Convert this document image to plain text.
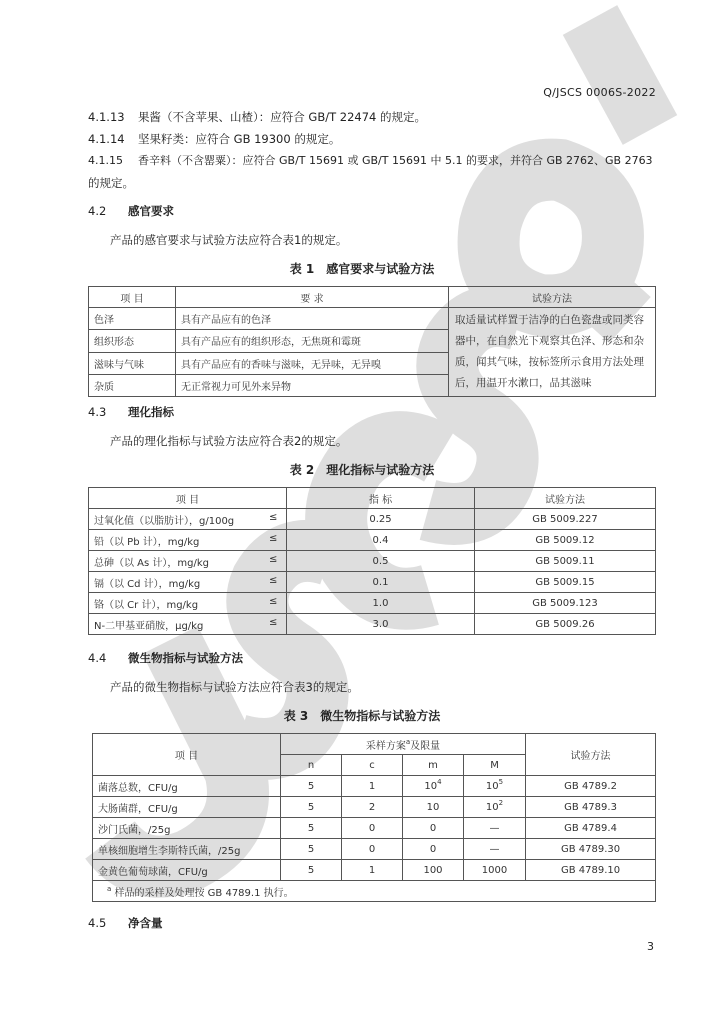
Q/JSCS 0006S-2022
4.1.13 果酱（不含苹果、山楂）：应符合 GB/T 22474 的规定。
4.1.14 坚果籽类：应符合 GB 19300 的规定。
4.1.15 香辛料（不含罂粟）：应符合 GB/T 15691 或 GB/T 15691 中 5.1 的要求，并符合 GB 2762、GB 2763
的规定。
4.2 感官要求
产品的感官要求与试验方法应符合表1的规定。
表 1 感官要求与试验方法
项 目	要 求	试验方法
色泽	具有产品应有的色泽	取适量试样置于洁净的白色瓷盘或同类容器中，在自然光下观察其色泽、形态和杂质，闻其气味，按标签所示食用方法处理后，用温开水漱口，品其滋味
组织形态	具有产品应有的组织形态，无焦斑和霉斑	
滋味与气味	具有产品应有的香味与滋味，无异味，无异嗅	
杂质	无正常视力可见外来异物	
4.3 理化指标
产品的理化指标与试验方法应符合表2的规定。
表 2 理化指标与试验方法
项 目	指 标	试验方法
过氧化值（以脂肪计），g/100g ≤	0.25	GB 5009.227
铅（以 Pb 计），mg/kg ≤	0.4	GB 5009.12
总砷（以 As 计），mg/kg ≤	0.5	GB 5009.11
镉（以 Cd 计），mg/kg ≤	0.1	GB 5009.15
铬（以 Cr 计），mg/kg ≤	1.0	GB 5009.123
N-二甲基亚硝胺，μg/kg ≤	3.0	GB 5009.26
4.4 微生物指标与试验方法
产品的微生物指标与试验方法应符合表3的规定。
表 3 微生物指标与试验方法
项 目	采样方案$^a$及限量				试验方法
	n	c	m	M	
菌落总数，CFU/g	5	1	$10^4$	$10^5$	GB 4789.2
大肠菌群，CFU/g	5	2	10	$10^2$	GB 4789.3
沙门氏菌，/25g	5	0	0	—	GB 4789.4
单核细胞增生李斯特氏菌，/25g	5	0	0	—	GB 4789.30
金黄色葡萄球菌，CFU/g	5	1	100	1000	GB 4789.10
$^a$ 样品的采样及处理按 GB 4789.1 执行。					
4.5 净含量
3
